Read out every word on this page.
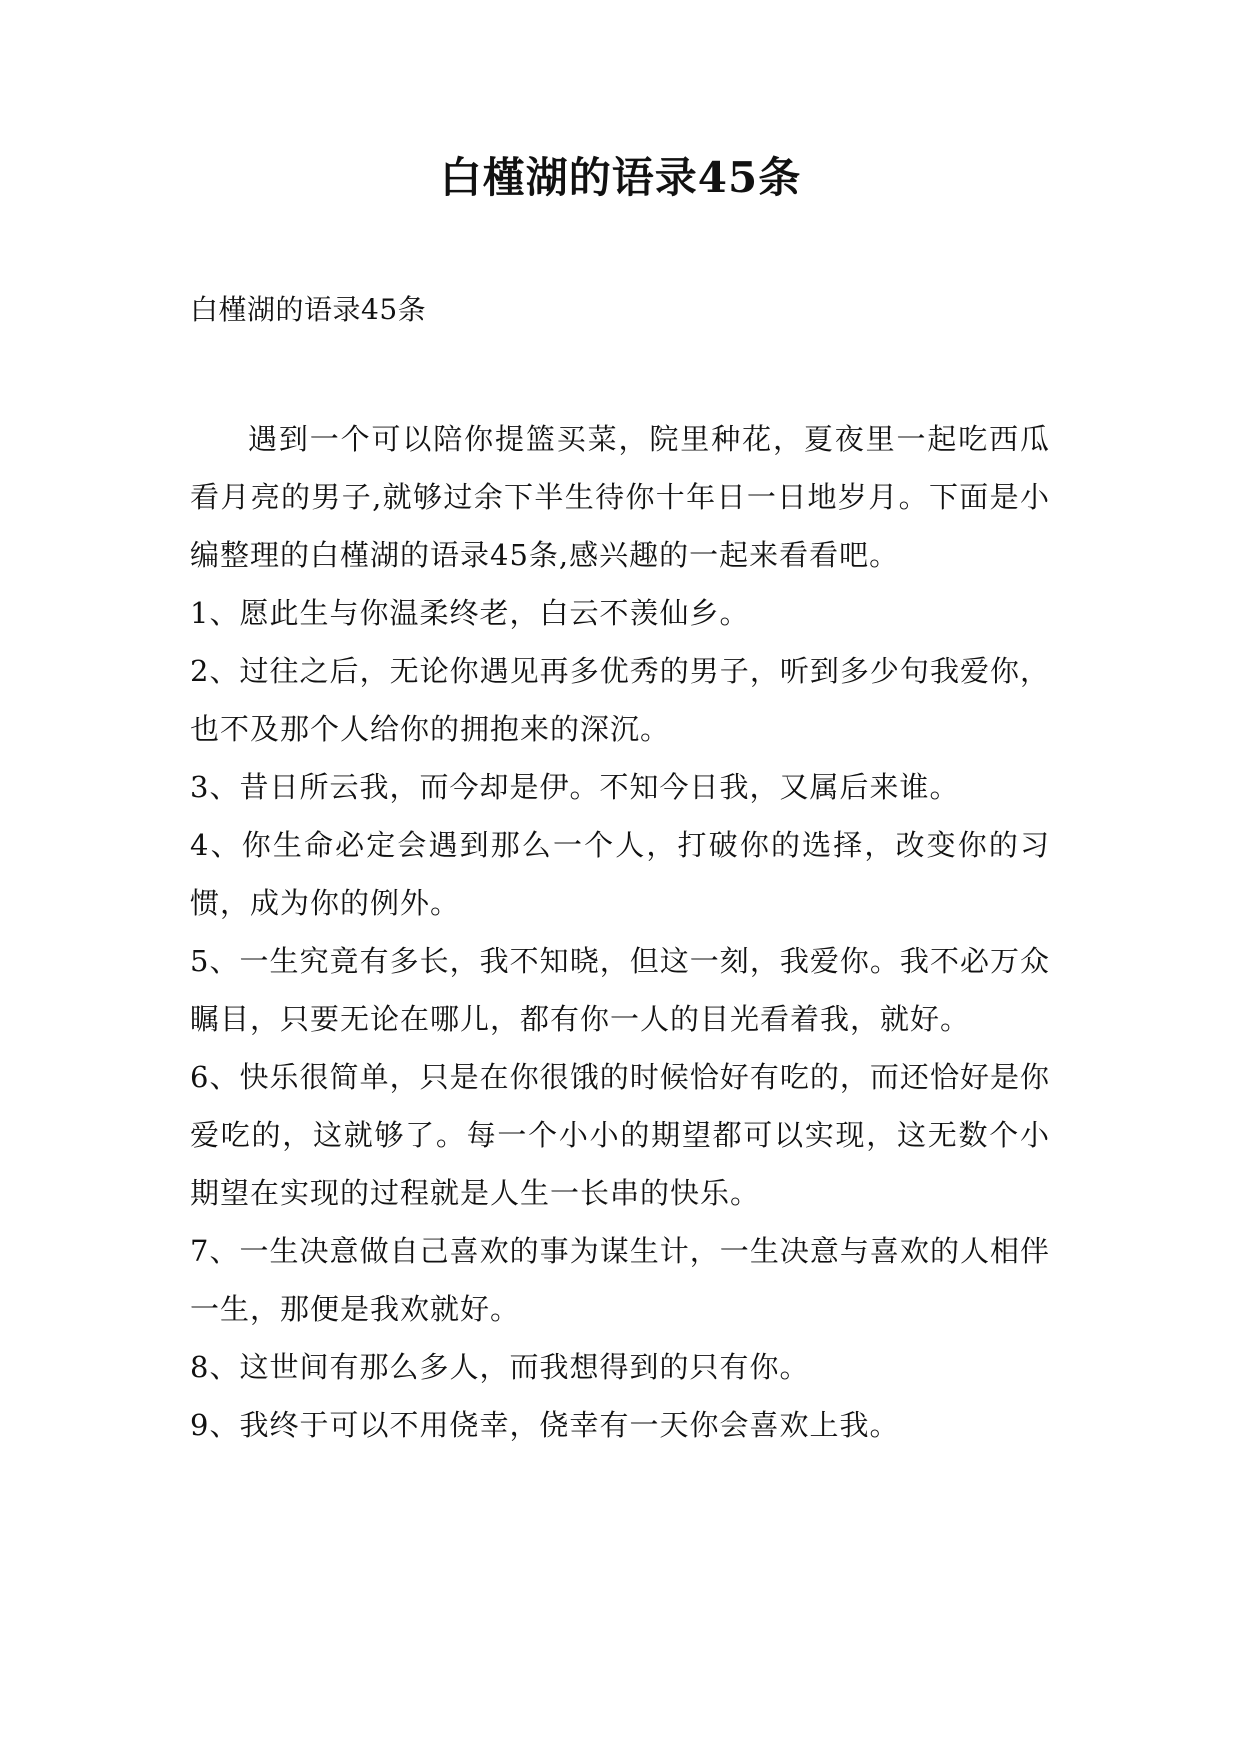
白槿湖的语录45条
白槿湖的语录45条

遇到一个可以陪你提篮买菜，院里种花，夏夜里一起吃西瓜看月亮的男子,就够过余下半生待你十年日一日地岁月。下面是小编整理的白槿湖的语录45条,感兴趣的一起来看看吧。

1、愿此生与你温柔终老，白云不羡仙乡。

2、过往之后，无论你遇见再多优秀的男子，听到多少句我爱你，也不及那个人给你的拥抱来的深沉。

3、昔日所云我，而今却是伊。不知今日我，又属后来谁。

4、你生命必定会遇到那么一个人，打破你的选择，改变你的习惯，成为你的例外。

5、一生究竟有多长，我不知晓，但这一刻，我爱你。我不必万众瞩目，只要无论在哪儿，都有你一人的目光看着我，就好。

6、快乐很简单，只是在你很饿的时候恰好有吃的，而还恰好是你爱吃的，这就够了。每一个小小的期望都可以实现，这无数个小期望在实现的过程就是人生一长串的快乐。

7、一生决意做自己喜欢的事为谋生计，一生决意与喜欢的人相伴一生，那便是我欢就好。

8、这世间有那么多人，而我想得到的只有你。

9、我终于可以不用侥幸，侥幸有一天你会喜欢上我。
